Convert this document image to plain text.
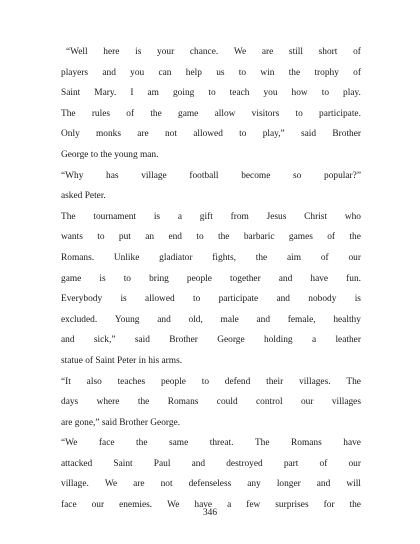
“Well here is your chance. We are still short of
players and you can help us to win the trophy of
Saint Mary. I am going to teach you how to play.
The rules of the game allow visitors to participate.
Only monks are not allowed to play,” said Brother
George to the young man.
“Why has village football become so popular?”
asked Peter.
The tournament is a gift from Jesus Christ who
wants to put an end to the barbaric games of the
Romans. Unlike gladiator fights, the aim of our
game is to bring people together and have fun.
Everybody is allowed to participate and nobody is
excluded. Young and old, male and female, healthy
and sick,” said Brother George holding a leather
statue of Saint Peter in his arms.
“It also teaches people to defend their villages. The
days where the Romans could control our villages
are gone,” said Brother George.
“We face the same threat. The Romans have
attacked Saint Paul and destroyed part of our
village. We are not defenseless any longer and will
face our enemies. We have a few surprises for the
346
